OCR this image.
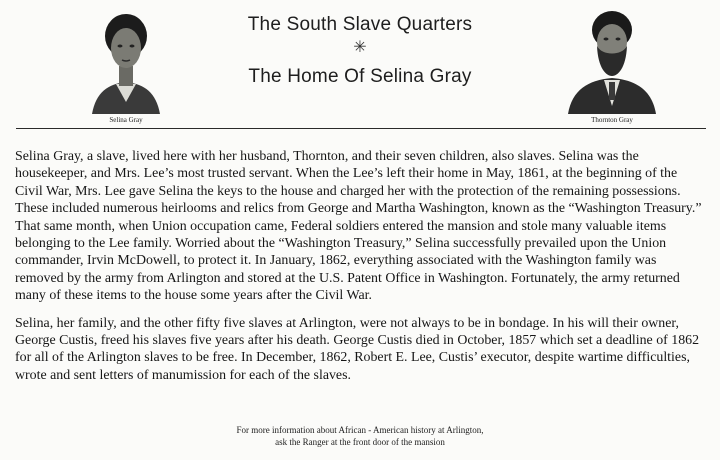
Selina Gray
The South Slave Quarters
✳
The Home Of Selina Gray
Thornton Gray

Selina Gray, a slave, lived here with her husband, Thornton, and their seven children, also slaves. Selina was the housekeeper, and Mrs. Lee’s most trusted servant. When the Lee’s left their home in May, 1861, at the beginning of the Civil War, Mrs. Lee gave Selina the keys to the house and charged her with the protection of the remaining possessions. These included numerous heirlooms and relics from George and Martha Washington, known as the “Washington Treasury.” That same month, when Union occupation came, Federal soldiers entered the mansion and stole many valuable items belonging to the Lee family. Worried about the “Washington Treasury,” Selina successfully prevailed upon the Union commander, Irvin McDowell, to protect it. In January, 1862, everything associated with the Washington family was removed by the army from Arlington and stored at the U.S. Patent Office in Washington. Fortunately, the army returned many of these items to the house some years after the Civil War.

Selina, her family, and the other fifty five slaves at Arlington, were not always to be in bondage. In his will their owner, George Custis, freed his slaves five years after his death. George Custis died in October, 1857 which set a deadline of 1862 for all of the Arlington slaves to be free. In December, 1862, Robert E. Lee, Custis’ executor, despite wartime difficulties, wrote and sent letters of manumission for each of the slaves.

For more information about African - American history at Arlington,
ask the Ranger at the front door of the mansion
